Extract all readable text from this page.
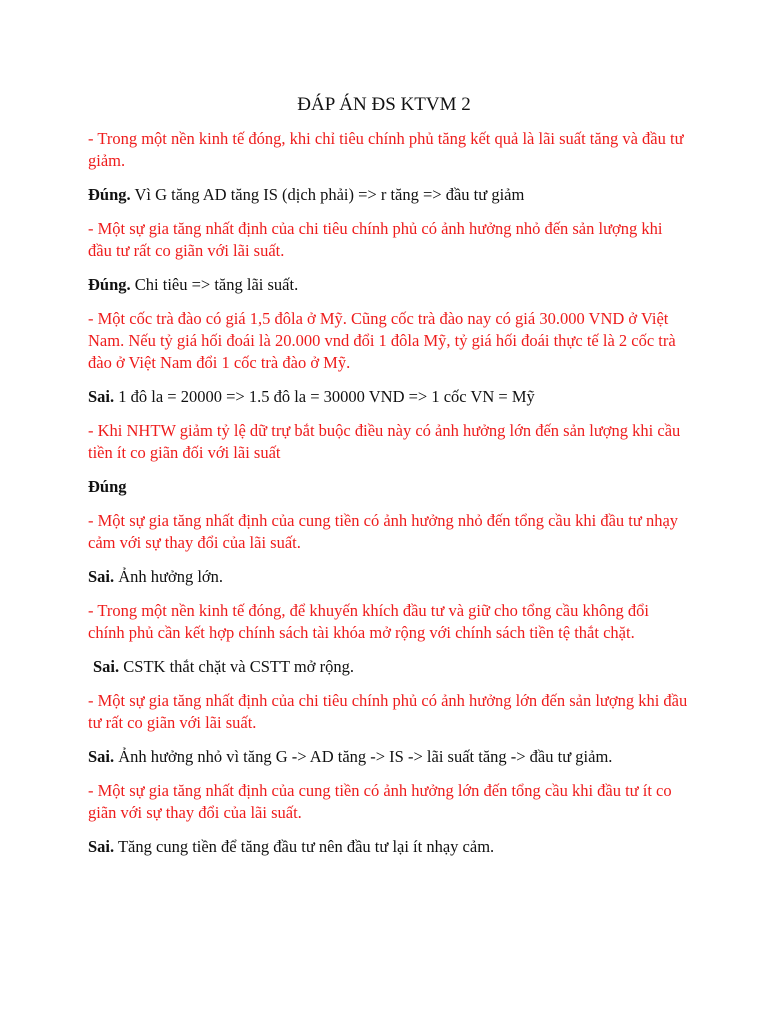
ĐÁP ÁN ĐS KTVM 2

- Trong một nền kinh tế đóng, khi chỉ tiêu chính phủ tăng kết quả là lãi suất tăng và đầu tư giảm.

Đúng. Vì G tăng AD tăng IS (dịch phải) => r tăng => đầu tư giảm

- Một sự gia tăng nhất định của chi tiêu chính phủ có ảnh hưởng nhỏ đến sản lượng khi đầu tư rất co giãn với lãi suất.

Đúng. Chi tiêu => tăng lãi suất.

- Một cốc trà đào có giá 1,5 đôla ở Mỹ. Cũng cốc trà đào nay có giá 30.000 VND ở Việt Nam. Nếu tỷ giá hối đoái là 20.000 vnd đổi 1 đôla Mỹ, tỷ giá hối đoái thực tế là 2 cốc trà đào ở Việt Nam đổi 1 cốc trà đào ở Mỹ.

Sai. 1 đô la = 20000 => 1.5 đô la = 30000 VND => 1 cốc VN = Mỹ

- Khi NHTW giảm tỷ lệ dữ trự bắt buộc điều này có ảnh hưởng lớn đến sản lượng khi cầu tiền ít co giãn đối với lãi suất

Đúng

- Một sự gia tăng nhất định của cung tiền có ảnh hưởng nhỏ đến tổng cầu khi đầu tư nhạy cảm với sự thay đổi của lãi suất.

Sai. Ảnh hưởng lớn.

- Trong một nền kinh tế đóng, để khuyến khích đầu tư và giữ cho tổng cầu không đổi chính phủ cần kết hợp chính sách tài khóa mở rộng với chính sách tiền tệ thắt chặt.

Sai. CSTK thắt chặt và CSTT mở rộng.

- Một sự gia tăng nhất định của chi tiêu chính phủ có ảnh hưởng lớn đến sản lượng khi đầu tư rất co giãn với lãi suất.

Sai. Ảnh hưởng nhỏ vì tăng G -> AD tăng -> IS -> lãi suất tăng -> đầu tư giảm.

- Một sự gia tăng nhất định của cung tiền có ảnh hưởng lớn đến tổng cầu khi đầu tư ít co giãn với sự thay đổi của lãi suất.

Sai. Tăng cung tiền để tăng đầu tư nên đầu tư lại ít nhạy cảm.
